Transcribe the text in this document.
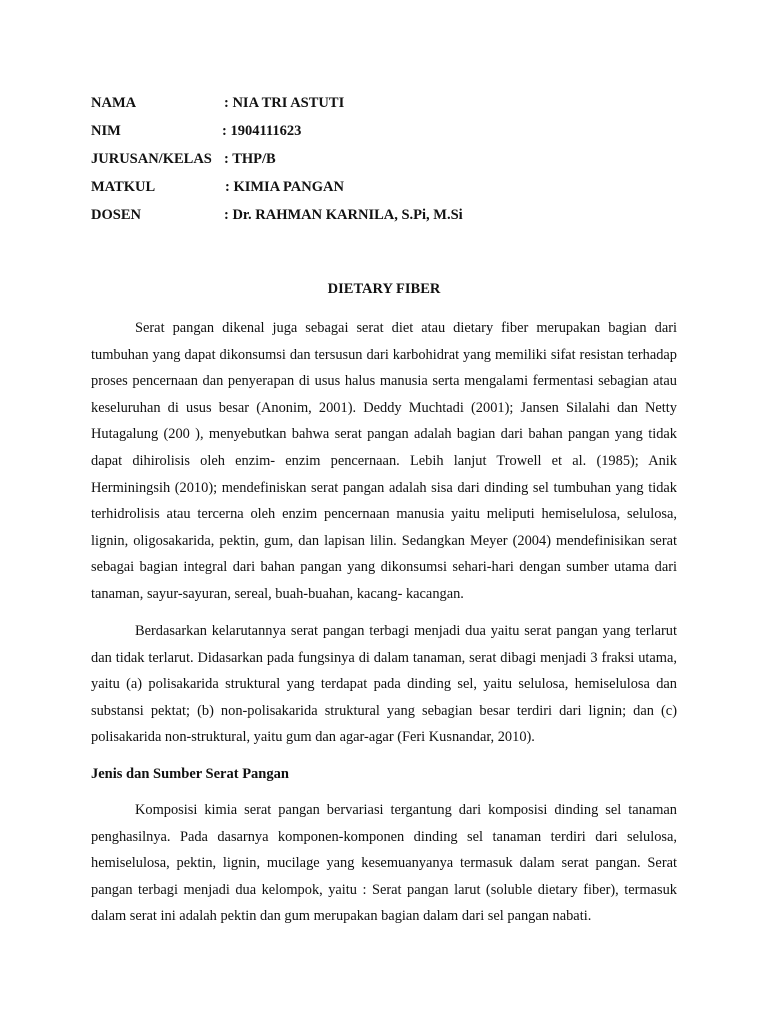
NAMA	: NIA TRI ASTUTI
NIM	: 1904111623
JURUSAN/KELAS : THP/B
MATKUL	: KIMIA PANGAN
DOSEN	: Dr. RAHMAN KARNILA, S.Pi, M.Si
DIETARY FIBER

Serat pangan dikenal juga sebagai serat diet atau dietary fiber merupakan bagian dari tumbuhan yang dapat dikonsumsi dan tersusun dari karbohidrat yang memiliki sifat resistan terhadap proses pencernaan dan penyerapan di usus halus manusia serta mengalami fermentasi sebagian atau keseluruhan di usus besar (Anonim, 2001). Deddy Muchtadi (2001); Jansen Silalahi dan Netty Hutagalung (200 ), menyebutkan bahwa serat pangan adalah bagian dari bahan pangan yang tidak dapat dihirolisis oleh enzim- enzim pencernaan. Lebih lanjut Trowell et al. (1985); Anik Herminingsih (2010); mendefiniskan serat pangan adalah sisa dari dinding sel tumbuhan yang tidak terhidrolisis atau tercerna oleh enzim pencernaan manusia yaitu meliputi hemiselulosa, selulosa, lignin, oligosakarida, pektin, gum, dan lapisan lilin. Sedangkan Meyer (2004) mendefinisikan serat sebagai bagian integral dari bahan pangan yang dikonsumsi sehari-hari dengan sumber utama dari tanaman, sayur-sayuran, sereal, buah-buahan, kacang- kacangan.

Berdasarkan kelarutannya serat pangan terbagi menjadi dua yaitu serat pangan yang terlarut dan tidak terlarut. Didasarkan pada fungsinya di dalam tanaman, serat dibagi menjadi 3 fraksi utama, yaitu (a) polisakarida struktural yang terdapat pada dinding sel, yaitu selulosa, hemiselulosa dan substansi pektat; (b) non-polisakarida struktural yang sebagian besar terdiri dari lignin; dan (c) polisakarida non-struktural, yaitu gum dan agar-agar (Feri Kusnandar, 2010).

Jenis dan Sumber Serat Pangan

Komposisi kimia serat pangan bervariasi tergantung dari komposisi dinding sel tanaman penghasilnya. Pada dasarnya komponen-komponen dinding sel tanaman terdiri dari selulosa, hemiselulosa, pektin, lignin, mucilage yang kesemuanyanya termasuk dalam serat pangan. Serat pangan terbagi menjadi dua kelompok, yaitu : Serat pangan larut (soluble dietary fiber), termasuk dalam serat ini adalah pektin dan gum merupakan bagian dalam dari sel pangan nabati.
